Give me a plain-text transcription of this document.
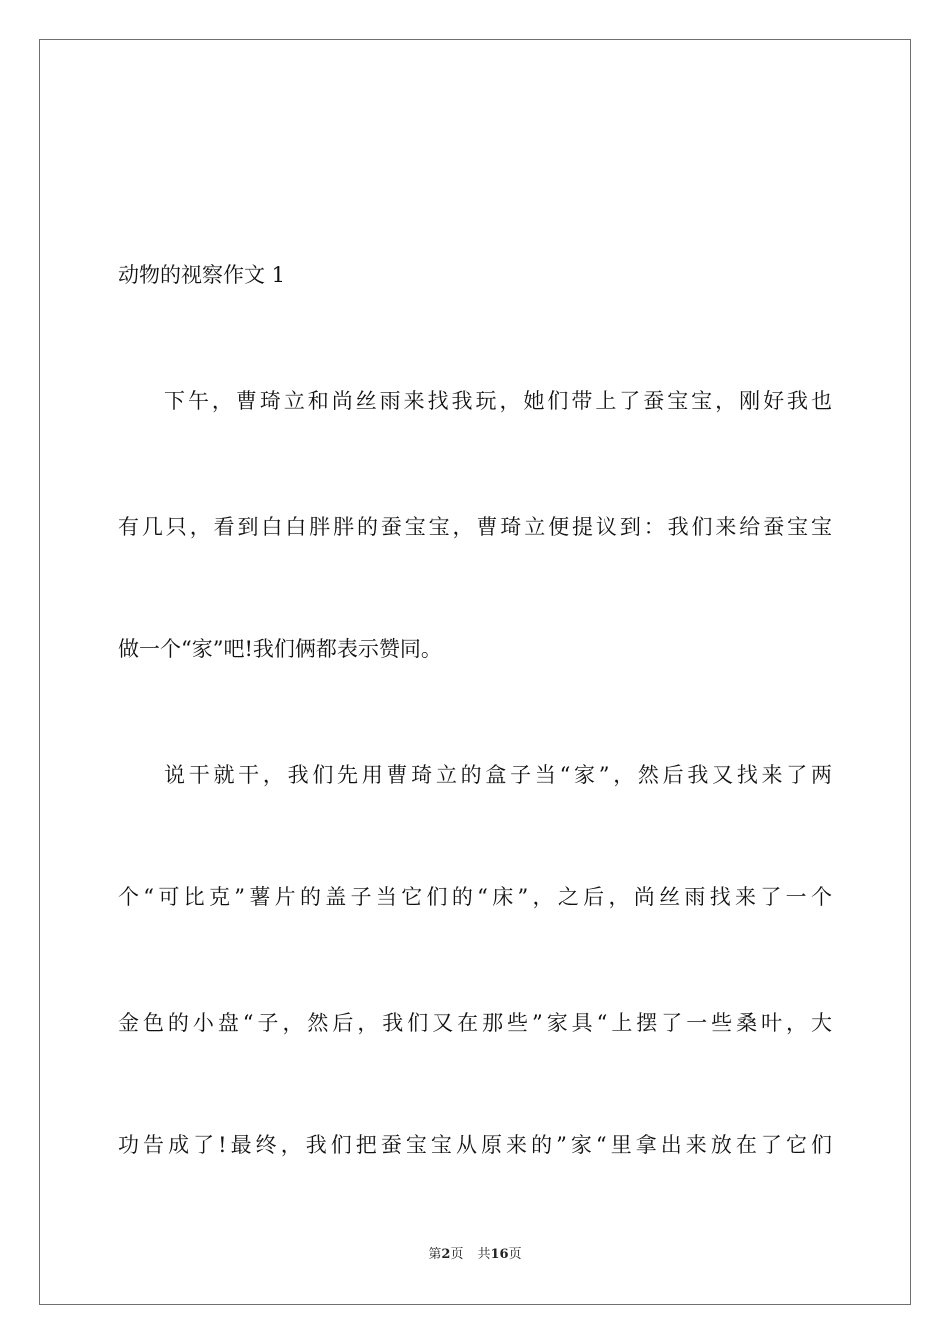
动物的视察作文 1
下午，曹琦立和尚丝雨来找我玩，她们带上了蚕宝宝，刚好我也
有几只，看到白白胖胖的蚕宝宝，曹琦立便提议到：我们来给蚕宝宝
做一个“家”吧!我们俩都表示赞同。
说干就干，我们先用曹琦立的盒子当“家”，然后我又找来了两
个“可比克”薯片的盖子当它们的“床”，之后，尚丝雨找来了一个
金色的小盘“子，然后，我们又在那些”家具“上摆了一些桑叶，大
功告成了!最终，我们把蚕宝宝从原来的”家“里拿出来放在了它们
第2页 共16页
